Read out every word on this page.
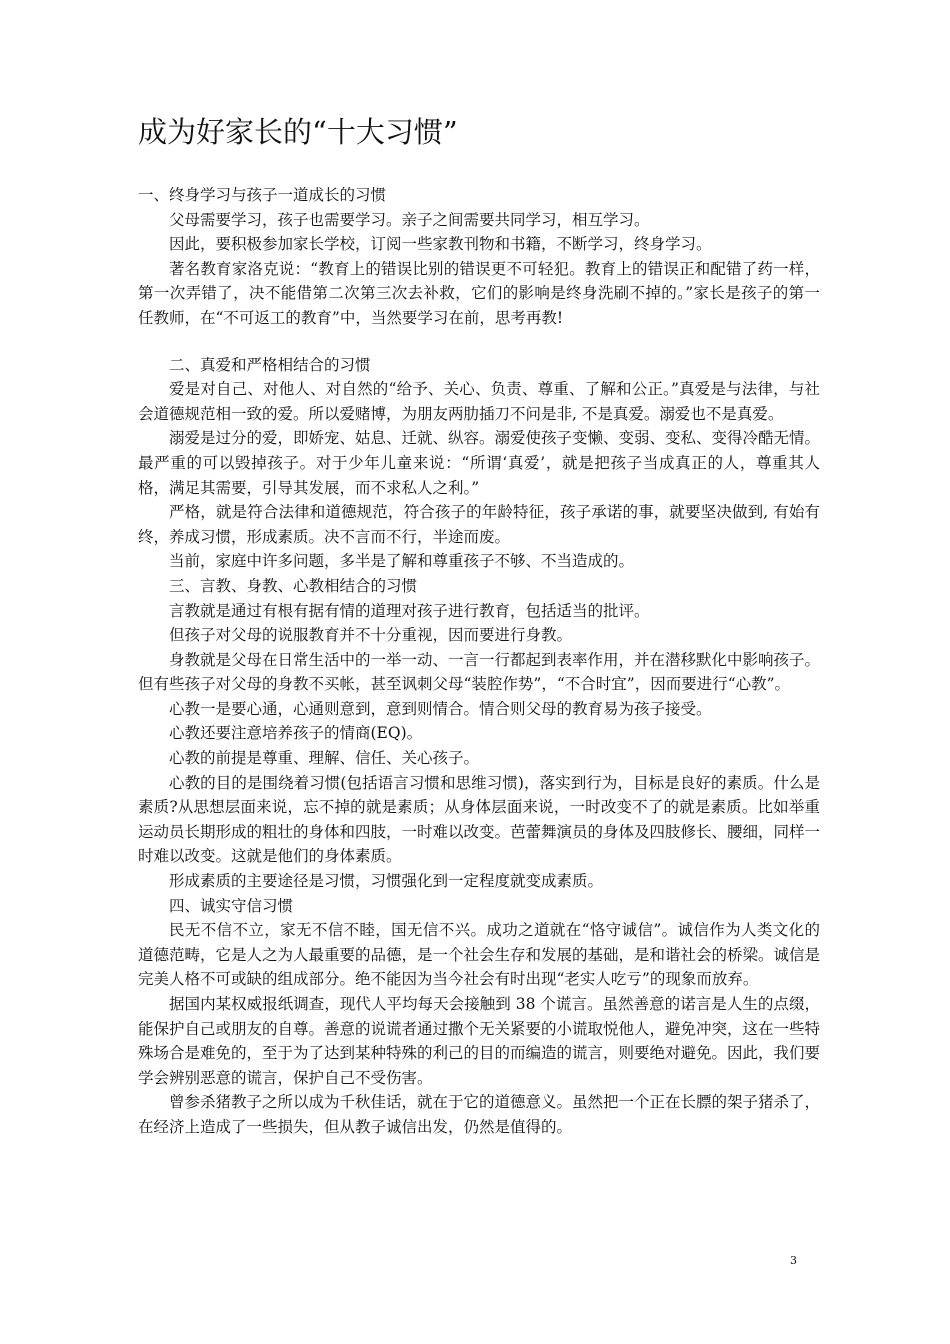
成为好家长的“十大习惯”

一、终身学习与孩子一道成长的习惯

父母需要学习，孩子也需要学习。亲子之间需要共同学习，相互学习。

因此，要积极参加家长学校，订阅一些家教刊物和书籍，不断学习，终身学习。

著名教育家洛克说：“教育上的错误比别的错误更不可轻犯。教育上的错误正和配错了药一样，第一次弄错了，决不能借第二次第三次去补救，它们的影响是终身洗刷不掉的。”家长是孩子的第一任教师，在“不可返工的教育”中，当然要学习在前，思考再教!

二、真爱和严格相结合的习惯

爱是对自己、对他人、对自然的“给予、关心、负责、尊重、了解和公正。”真爱是与法律，与社会道德规范相一致的爱。所以爱赌博，为朋友两肋插刀不问是非, 不是真爱。溺爱也不是真爱。

溺爱是过分的爱，即娇宠、姑息、迁就、纵容。溺爱使孩子变懒、变弱、变私、变得冷酷无情。最严重的可以毁掉孩子。对于少年儿童来说：“所谓‘真爱’，就是把孩子当成真正的人，尊重其人格，满足其需要，引导其发展，而不求私人之利。”

严格，就是符合法律和道德规范，符合孩子的年龄特征，孩子承诺的事，就要坚决做到, 有始有终，养成习惯，形成素质。决不言而不行，半途而废。

当前，家庭中许多问题，多半是了解和尊重孩子不够、不当造成的。

三、言教、身教、心教相结合的习惯

言教就是通过有根有据有情的道理对孩子进行教育，包括适当的批评。

但孩子对父母的说服教育并不十分重视，因而要进行身教。

身教就是父母在日常生活中的一举一动、一言一行都起到表率作用，并在潜移默化中影响孩子。但有些孩子对父母的身教不买帐，甚至讽刺父母“装腔作势”，“不合时宜”，因而要进行“心教”。

心教一是要心通，心通则意到，意到则情合。情合则父母的教育易为孩子接受。

心教还要注意培养孩子的情商(EQ)。

心教的前提是尊重、理解、信任、关心孩子。

心教的目的是围绕着习惯(包括语言习惯和思维习惯)，落实到行为，目标是良好的素质。什么是素质?从思想层面来说，忘不掉的就是素质；从身体层面来说，一时改变不了的就是素质。比如举重运动员长期形成的粗壮的身体和四肢，一时难以改变。芭蕾舞演员的身体及四肢修长、腰细，同样一时难以改变。这就是他们的身体素质。

形成素质的主要途径是习惯，习惯强化到一定程度就变成素质。

四、诚实守信习惯

民无不信不立，家无不信不睦，国无信不兴。成功之道就在“恪守诚信”。诚信作为人类文化的道德范畴，它是人之为人最重要的品德，是一个社会生存和发展的基础，是和谐社会的桥梁。诚信是完美人格不可或缺的组成部分。绝不能因为当今社会有时出现“老实人吃亏”的现象而放弃。

据国内某权威报纸调查，现代人平均每天会接触到 38 个谎言。虽然善意的诺言是人生的点缀，能保护自己或朋友的自尊。善意的说谎者通过撒个无关紧要的小谎取悦他人，避免冲突，这在一些特殊场合是难免的，至于为了达到某种特殊的利己的目的而编造的谎言，则要绝对避免。因此，我们要学会辨别恶意的谎言，保护自己不受伤害。

曾参杀猪教子之所以成为千秋佳话，就在于它的道德意义。虽然把一个正在长膘的架子猪杀了，在经济上造成了一些损失，但从教子诚信出发，仍然是值得的。

3
